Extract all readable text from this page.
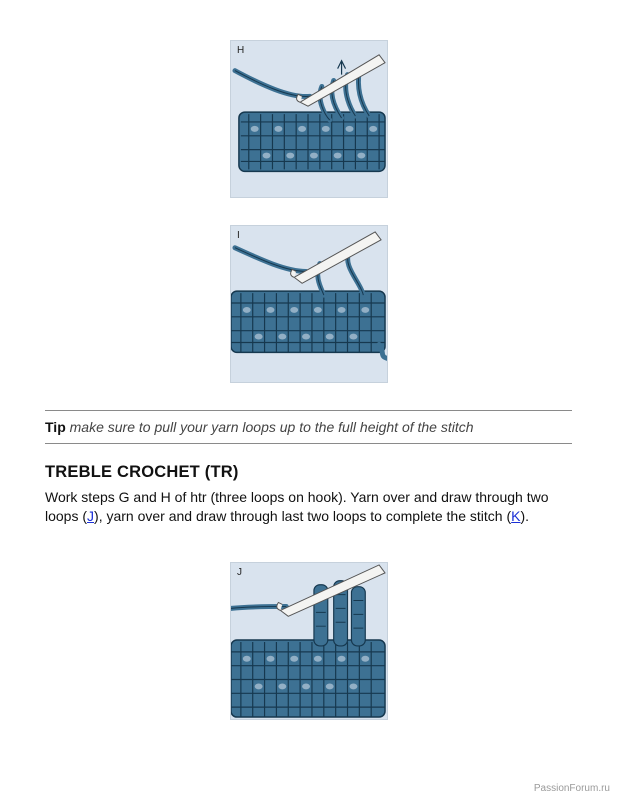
H
I
Tip make sure to pull your yarn loops up to the full height of the stitch
TREBLE CROCHET (TR)
Work steps G and H of htr (three loops on hook). Yarn over and draw through two loops (J), yarn over and draw through last two loops to complete the stitch (K).
J
PassionForum.ru
